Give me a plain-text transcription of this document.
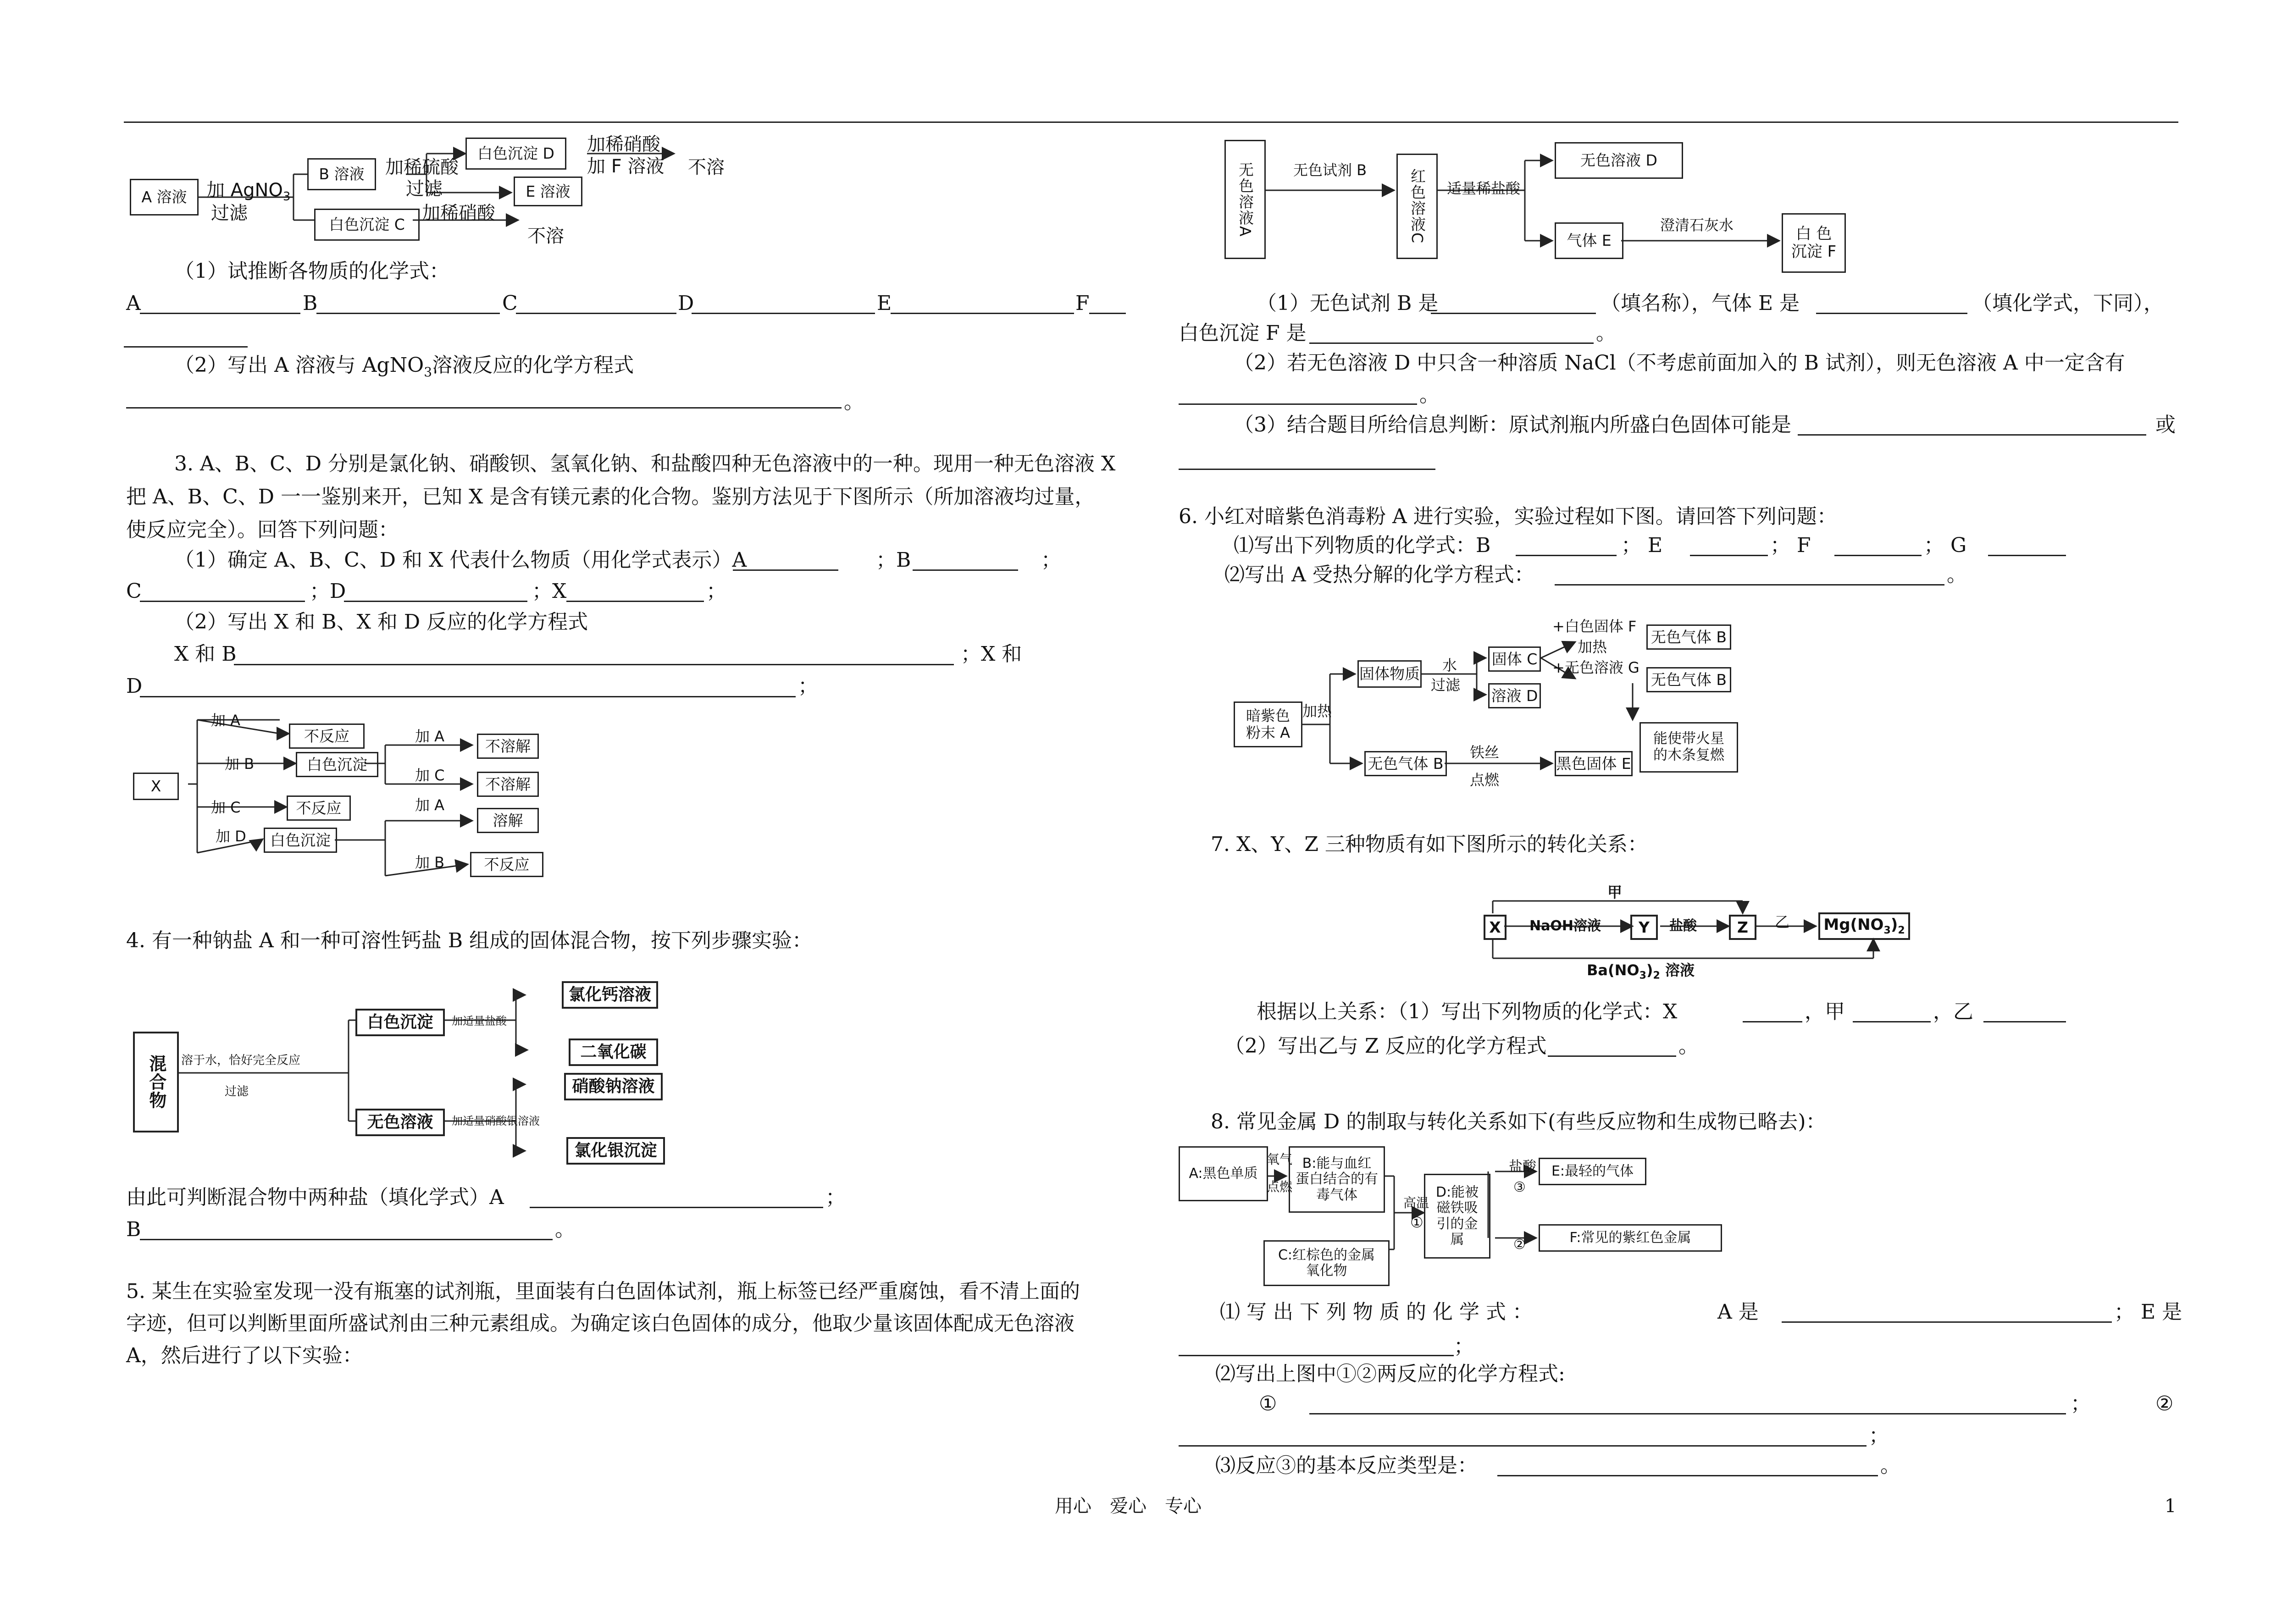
A 溶液
B 溶液
白色沉淀 D
E 溶液
白色沉淀 C
加 AgNO$_3$
过滤
加稀硫酸
过滤
加稀硝酸
加 F 溶液 不溶
加稀硝酸
不溶
（1）试推断各物质的化学式：
A	B	C	D	E	F
（2）写出 A 溶液与 AgNO$_3$溶液反应的化学方程式
。
3. A、B、C、D 分别是氯化钠、硝酸钡、氢氧化钠、和盐酸四种无色溶液中的一种。现用一种无色溶液 X
把 A、B、C、D 一一鉴别来开，已知 X 是含有镁元素的化合物。鉴别方法见于下图所示（所加溶液均过量，
使反应完全）。回答下列问题：
（1）确定 A、B、C、D 和 X 代表什么物质（用化学式表示）A	；B	；
C	；D	；X	；
（2）写出 X 和 B、X 和 D 反应的化学方程式
X 和 B	；X 和
D	；
X
加 A
加 B
加 C
加 D
不反应
白色沉淀
不反应
白色沉淀
加 A
加 C
加 A
加 B
不溶解
不溶解
溶解
不反应
4. 有一种钠盐 A 和一种可溶性钙盐 B 组成的固体混合物，按下列步骤实验：
混合物 溶于水，恰好完全反应
过滤
白色沉淀
无色溶液
加适量盐酸
加适量硝酸银溶液
氯化钙溶液
二氧化碳
硝酸钠溶液
氯化银沉淀
由此可判断混合物中两种盐（填化学式）A	；
B	。
5. 某生在实验室发现一没有瓶塞的试剂瓶，里面装有白色固体试剂，瓶上标签已经严重腐蚀，看不清上面的
字迹，但可以判断里面所盛试剂由三种元素组成。为确定该白色固体的成分，他取少量该固体配成无色溶液
A，然后进行了以下实验：
无色溶液A	无色试剂 B	红色溶液C 适量稀盐酸
无色溶液 D
气体 E
澄清石灰水	白 色
沉淀 F
（1）无色试剂 B 是	（填名称），气体 E 是	（填化学式，下同），
白色沉淀 F 是	。
（2）若无色溶液 D 中只含一种溶质 NaCl（不考虑前面加入的 B 试剂），则无色溶液 A 中一定含有
。
（3）结合题目所给信息判断：原试剂瓶内所盛白色固体可能是	或
6. 小红对暗紫色消毒粉 A 进行实验，实验过程如下图。请回答下列问题：
⑴写出下列物质的化学式：B	； E	； F	； G
⑵写出 A 受热分解的化学方程式：	。
暗紫色粉末 A
加热
固体物质 水
过滤
固体 C
溶液 D
+白色固体 F
加热
+无色溶液 G
无色气体 B
无色气体 B
无色气体 B
铁丝
点燃
黑色固体 E
能使带火星的木条复燃
7. X、Y、Z 三种物质有如下图所示的转化关系：
甲
X NaOH溶液 Y 盐酸	Z 乙 $Mg(NO_3)_2$
$Ba(NO_3)_2$ 溶液
根据以上关系：（1）写出下列物质的化学式：X	，甲	，乙
（2）写出乙与 Z 反应的化学方程式	。
8. 常见金属 D 的制取与转化关系如下(有些反应物和生成物已略去)：
A:黑色单质
氧气
点燃
B:能与血红蛋白结合的有毒气体	高温
①
C:红棕色的金属氧化物
D:能被磁铁吸引的金属
盐酸
③
E:最轻的气体
②	F:常见的紫红色金属
⑴ 写 出 下 列 物 质 的 化 学 式 ：	A 是	； E 是
；
⑵写出上图中①②两反应的化学方程式:
①	；	②
；
⑶反应③的基本反应类型是：	。
用心　爱心　专心	1
